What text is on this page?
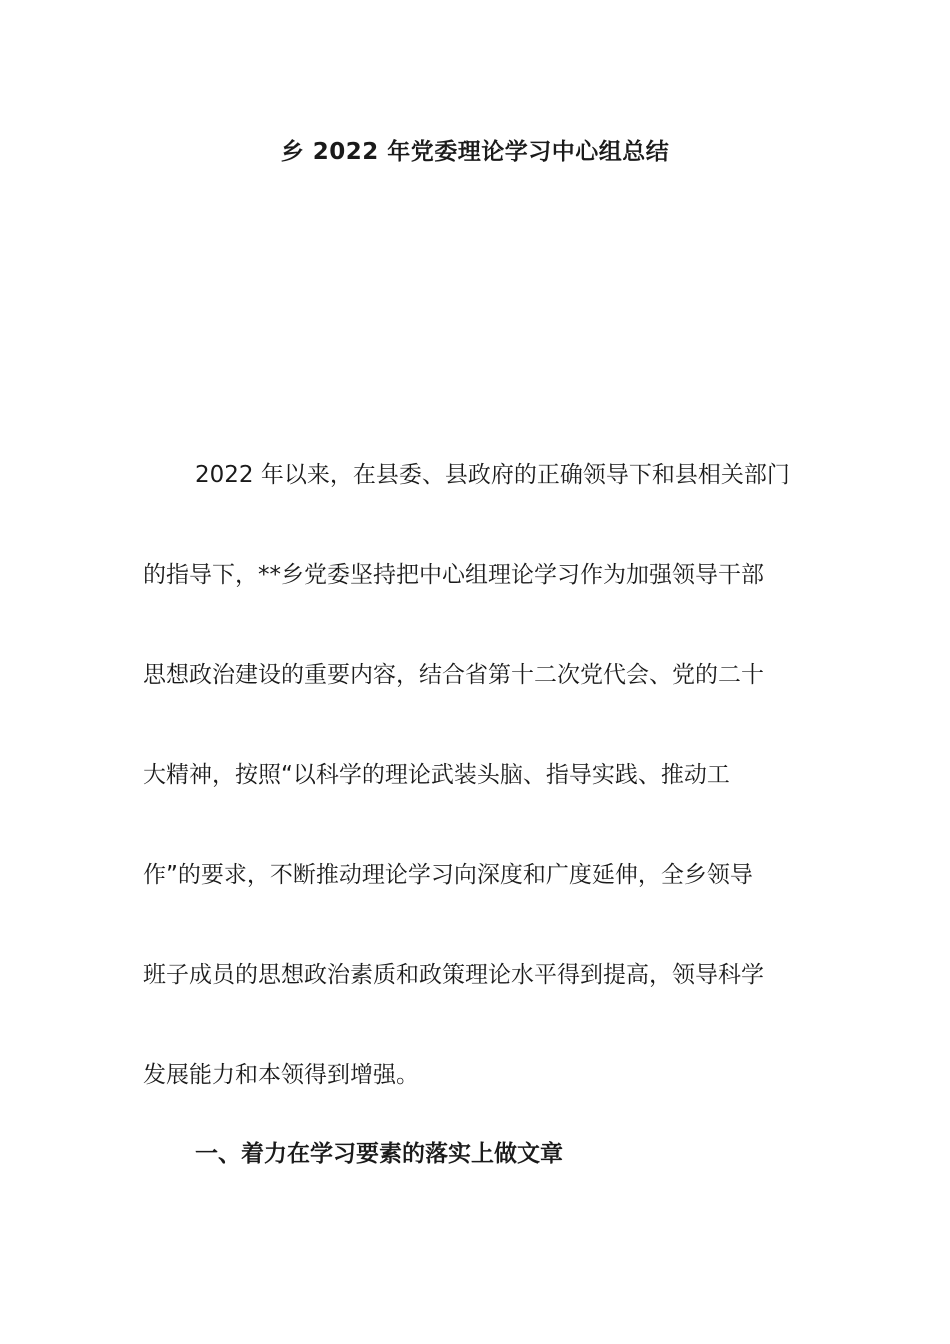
乡 2022 年党委理论学习中心组总结

2022 年以来，在县委、县政府的正确领导下和县相关部门

的指导下，**乡党委坚持把中心组理论学习作为加强领导干部

思想政治建设的重要内容，结合省第十二次党代会、党的二十

大精神，按照“以科学的理论武装头脑、指导实践、推动工

作”的要求，不断推动理论学习向深度和广度延伸，全乡领导

班子成员的思想政治素质和政策理论水平得到提高，领导科学

发展能力和本领得到增强。

一、着力在学习要素的落实上做文章
